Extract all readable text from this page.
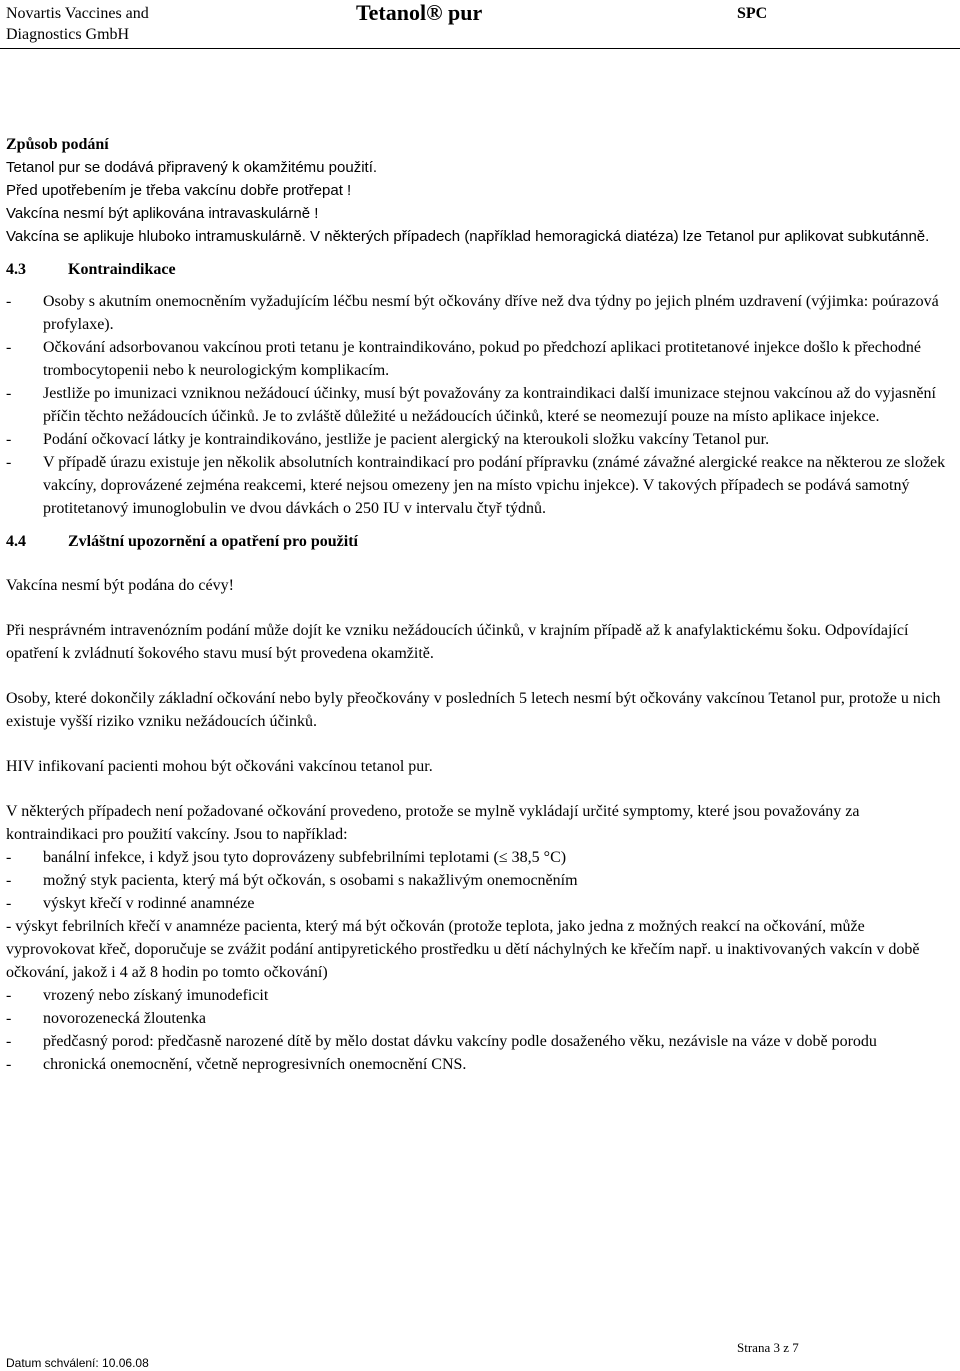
Novartis Vaccines and
Diagnostics GmbH
Tetanol® pur	SPC

Způsob podání

Tetanol pur se dodává připravený k okamžitému použití.

Před upotřebením je třeba vakcínu dobře protřepat !

Vakcína nesmí být aplikována intravaskulárně !

Vakcína se aplikuje hluboko intramuskulárně. V některých případech (například hemoragická diatéza) lze Tetanol pur aplikovat subkutánně.

4.3	Kontraindikace
- Osoby s akutním onemocněním vyžadujícím léčbu nesmí být očkovány dříve než dva týdny po jejich plném uzdravení (výjimka: poúrazová profylaxe).
- Očkování adsorbovanou vakcínou proti tetanu je kontraindikováno, pokud po předchozí aplikaci protitetanové injekce došlo k přechodné trombocytopenii nebo k neurologickým komplikacím.
- Jestliže po imunizaci vzniknou nežádoucí účinky, musí být považovány za kontraindikaci další imunizace stejnou vakcínou až do vyjasnění příčin těchto nežádoucích účinků. Je to zvláště důležité u nežádoucích účinků, které se neomezují pouze na místo aplikace injekce.
- Podání očkovací látky je kontraindikováno, jestliže je pacient alergický na kteroukoli složku vakcíny Tetanol pur.
- V případě úrazu existuje jen několik absolutních kontraindikací pro podání přípravku (známé závažné alergické reakce na některou ze složek vakcíny, doprovázené zejména reakcemi, které nejsou omezeny jen na místo vpichu injekce). V takových případech se podává samotný protitetanový imunoglobulin ve dvou dávkách o 250 IU v intervalu čtyř týdnů.
4.4	Zvláštní upozornění a opatření pro použití

Vakcína nesmí být podána do cévy!

Při nesprávném intravenózním podání může dojít ke vzniku nežádoucích účinků, v krajním případě až k anafylaktickému šoku. Odpovídající opatření k zvládnutí šokového stavu musí být provedena okamžitě.

Osoby, které dokončily základní očkování nebo byly přeočkovány v posledních 5 letech nesmí být očkovány vakcínou Tetanol pur, protože u nich existuje vyšší riziko vzniku nežádoucích účinků.

HIV infikovaní pacienti mohou být očkováni vakcínou tetanol pur.

V některých případech není požadované očkování provedeno, protože se mylně vykládají určité symptomy, které jsou považovány za kontraindikaci pro použití vakcíny. Jsou to například:

- banální infekce, i když jsou tyto doprovázeny subfebrilními teplotami (≤ 38,5 °C)
- možný styk pacienta, který má být očkován, s osobami s nakažlivým onemocněním
- výskyt křečí v rodinné anamnéze

- výskyt febrilních křečí v anamnéze pacienta, který má být očkován (protože teplota, jako jedna z možných reakcí na očkování, může vyprovokovat křeč, doporučuje se zvážit podání antipyretického prostředku u dětí náchylných ke křečím např. u inaktivovaných vakcín v době očkování, jakož i 4 až 8 hodin po tomto očkování)

- vrozený nebo získaný imunodeficit
- novorozenecká žloutenka
- předčasný porod: předčasně narozené dítě by mělo dostat dávku vakcíny podle dosaženého věku, nezávisle na váze v době porodu
- chronická onemocnění, včetně neprogresivních onemocnění CNS.
Strana 3 z 7
Datum schválení: 10.06.08
